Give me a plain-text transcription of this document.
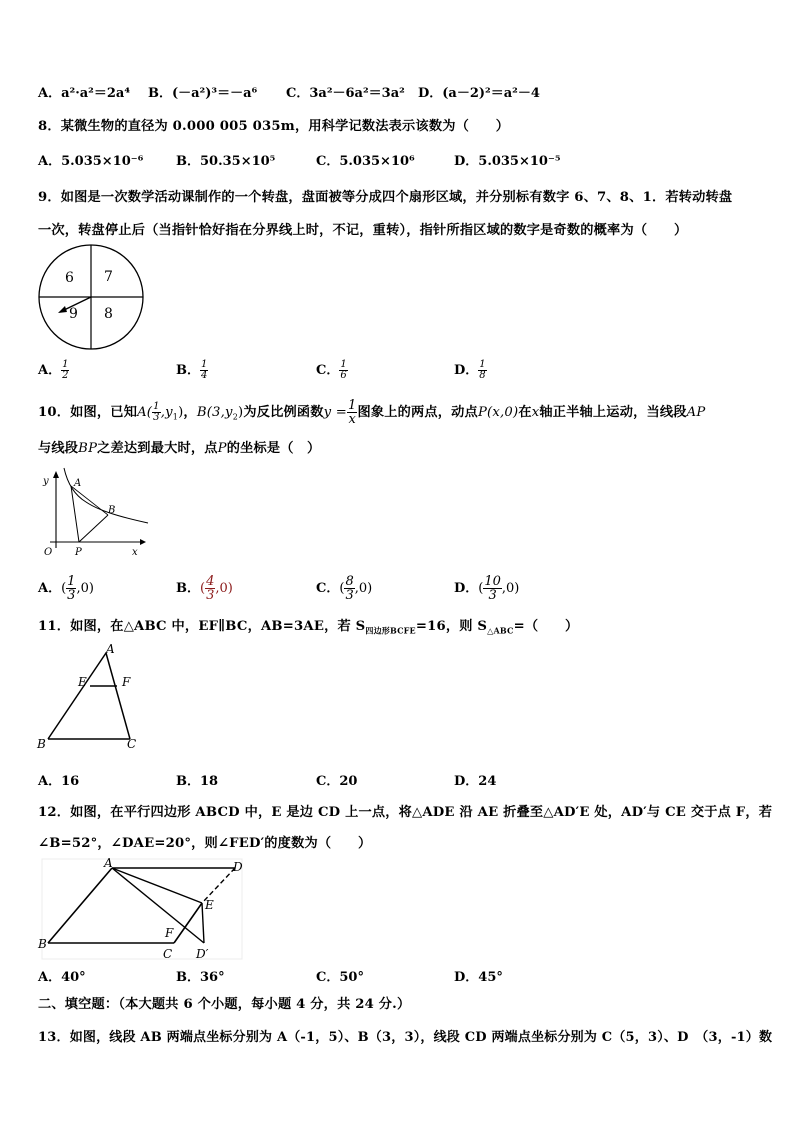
A．a²·a²＝2a⁴ B．(－a²)³＝－a⁶ C．3a²－6a²＝3a² D．(a－2)²＝a²－4
8．某微生物的直径为 0.000 005 035m，用科学记数法表示该数为（　　）
A．5.035×10⁻⁶	B．50.35×10⁵	C．5.035×10⁶	D．5.035×10⁻⁵
9．如图是一次数学活动课制作的一个转盘，盘面被等分成四个扇形区域，并分别标有数字 6、7、8、1．若转动转盘
一次，转盘停止后（当指针恰好指在分界线上时，不记，重转），指针所指区域的数字是奇数的概率为（　　）
6 7
9 8
A． $\frac{1}{2}$	B． $\frac{1}{4}$	C． $\frac{1}{6}$	D． $\frac{1}{8}$
10．如图，已知$A( \frac{1}{3} ,y_1)$，$B(3,y_2)$为反比例函数$y = \frac{1}{x}$ 图象上的两点，动点P(x,0)在x轴正半轴上运动，当线段AP
与线段BP之差达到最大时，点P的坐标是（　）
y	A
B
O P	x
A．( $\frac{1}{3} ,0$)	B．( $\frac{4}{3} ,0$)	C．( $\frac{8}{3} ,0$)	D．( $\frac{10}{3} ,0$)
11．如图，在△ABC 中，EF∥BC，AB=3AE，若 $S_{四边形BCFE}=16$，则 $S_{\triangle ABC}=$（　　）
A
E	F
B	C
A．16	B．18	C．20	D．24
12．如图，在平行四边形 ABCD 中，E 是边 CD 上一点，将△ADE 沿 AE 折叠至△AD′E 处，AD′与 CE 交于点 F，若
∠B=52°，∠DAE=20°，则∠FED′的度数为（　　）
A	D
E
F
B
C D′
A．40°	B．36°	C．50°	D．45°
二、填空题：（本大题共 6 个小题，每小题 4 分，共 24 分.）
13．如图，线段 AB 两端点坐标分别为 A（-1，5）、B（3，3），线段 CD 两端点坐标分别为 C（5，3）、D　（3，-1）数
